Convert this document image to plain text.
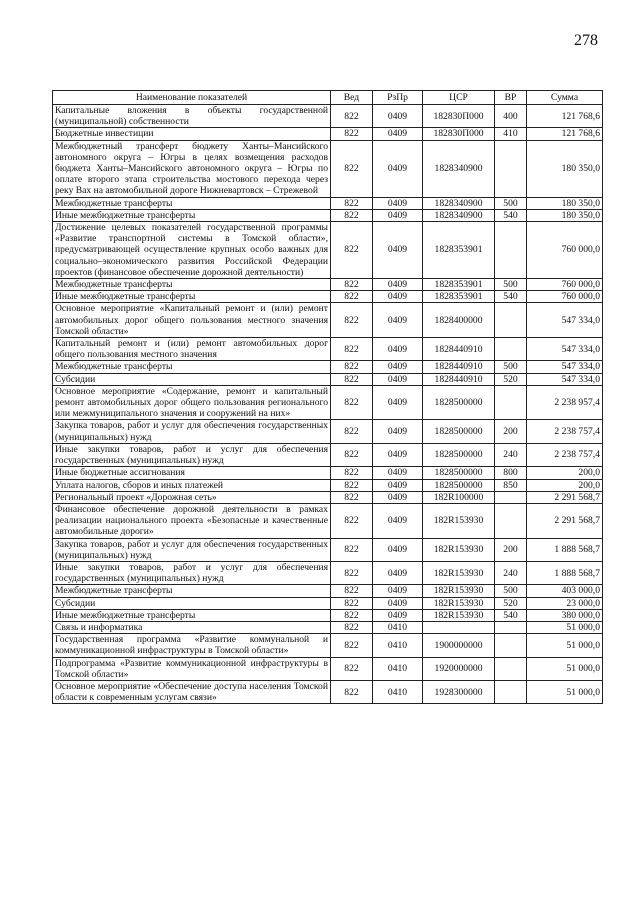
278
Наименование показателей	Вед	РзПр	ЦСР	ВР	Сумма
Капитальные вложения в объекты государственной (муниципальной) собственности	822	0409	182830П000	400	121 768,6
Бюджетные инвестиции	822	0409	182830П000	410	121 768,6
Межбюджетный трансферт бюджету Ханты–Мансийского автономного округа – Югры в целях возмещения расходов бюджета Ханты–Мансийского автономного округа – Югры по оплате второго этапа строительства мостового перехода через реку Вах на автомобильной дороге Нижневартовск – Стрежевой	822	0409	1828340900		180 350,0
Межбюджетные трансферты	822	0409	1828340900	500	180 350,0
Иные межбюджетные трансферты	822	0409	1828340900	540	180 350,0
Достижение целевых показателей государственной программы «Развитие транспортной системы в Томской области», предусматривающей осуществление крупных особо важных для социально–экономического развития Российской Федерации проектов (финансовое обеспечение дорожной деятельности)	822	0409	1828353901		760 000,0
Межбюджетные трансферты	822	0409	1828353901	500	760 000,0
Иные межбюджетные трансферты	822	0409	1828353901	540	760 000,0
Основное мероприятие «Капитальный ремонт и (или) ремонт автомобильных дорог общего пользования местного значения Томской области»	822	0409	1828400000		547 334,0
Капитальный ремонт и (или) ремонт автомобильных дорог общего пользования местного значения	822	0409	1828440910		547 334,0
Межбюджетные трансферты	822	0409	1828440910	500	547 334,0
Субсидии	822	0409	1828440910	520	547 334,0
Основное мероприятие «Содержание, ремонт и капитальный ремонт автомобильных дорог общего пользования регионального или межмуниципального значения и сооружений на них»	822	0409	1828500000		2 238 957,4
Закупка товаров, работ и услуг для обеспечения государственных (муниципальных) нужд	822	0409	1828500000	200	2 238 757,4
Иные закупки товаров, работ и услуг для обеспечения государственных (муниципальных) нужд	822	0409	1828500000	240	2 238 757,4
Иные бюджетные ассигнования	822	0409	1828500000	800	200,0
Уплата налогов, сборов и иных платежей	822	0409	1828500000	850	200,0
Региональный проект «Дорожная сеть»	822	0409	182R100000		2 291 568,7
Финансовое обеспечение дорожной деятельности в рамках реализации национального проекта «Безопасные и качественные автомобильные дороги»	822	0409	182R153930		2 291 568,7
Закупка товаров, работ и услуг для обеспечения государственных (муниципальных) нужд	822	0409	182R153930	200	1 888 568,7
Иные закупки товаров, работ и услуг для обеспечения государственных (муниципальных) нужд	822	0409	182R153930	240	1 888 568,7
Межбюджетные трансферты	822	0409	182R153930	500	403 000,0
Субсидии	822	0409	182R153930	520	23 000,0
Иные межбюджетные трансферты	822	0409	182R153930	540	380 000,0
Связь и информатика	822	0410			51 000,0
Государственная программа «Развитие коммунальной и коммуникационной инфраструктуры в Томской области»	822	0410	1900000000		51 000,0
Подпрограмма «Развитие коммуникационной инфраструктуры в Томской области»	822	0410	1920000000		51 000,0
Основное мероприятие «Обеспечение доступа населения Томской области к современным услугам связи»	822	0410	1928300000		51 000,0
